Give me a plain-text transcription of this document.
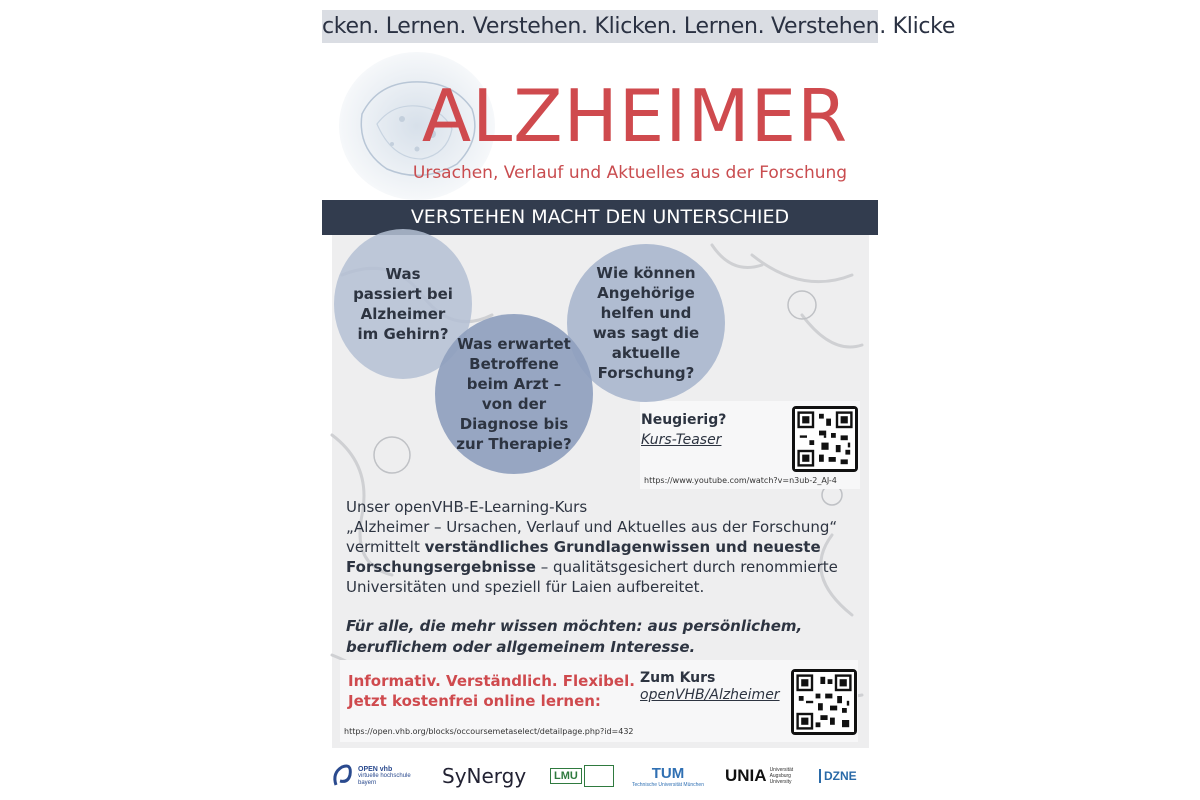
cken. Lernen. Verstehen. Klicken. Lernen. Verstehen. Klicke
ALZHEIMER
Ursachen, Verlauf und Aktuelles aus der Forschung
VERSTEHEN MACHT DEN UNTERSCHIED
Was
passiert bei
Alzheimer
im Gehirn?
Wie können
Angehörige
helfen und
was sagt die
aktuelle
Forschung?
Was erwartet
Betroffene
beim Arzt –
von der
Diagnose bis
zur Therapie?
Neugierig?
Kurs-Teaser
https://www.youtube.com/watch?v=n3ub-2_AJ-4
Unser openVHB-E-Learning-Kurs
„Alzheimer – Ursachen, Verlauf und Aktuelles aus der Forschung“
vermittelt verständliches Grundlagenwissen und neueste
Forschungsergebnisse – qualitätsgesichert durch renommierte
Universitäten und speziell für Laien aufbereitet.
Für alle, die mehr wissen möchten: aus persönlichem, beruflichem oder allgemeinem Interesse.
Informativ. Verständlich. Flexibel.
Jetzt kostenfrei online lernen:
Zum Kurs
openVHB/Alzheimer
https://open.vhb.org/blocks/occoursemetaselect/detailpage.php?id=432
OPEN vhb
virtuelle hochschule bayern	SyNergy	LMU	TUM
Technische Universität München UNIA Universität Augsburg University	DZNE
